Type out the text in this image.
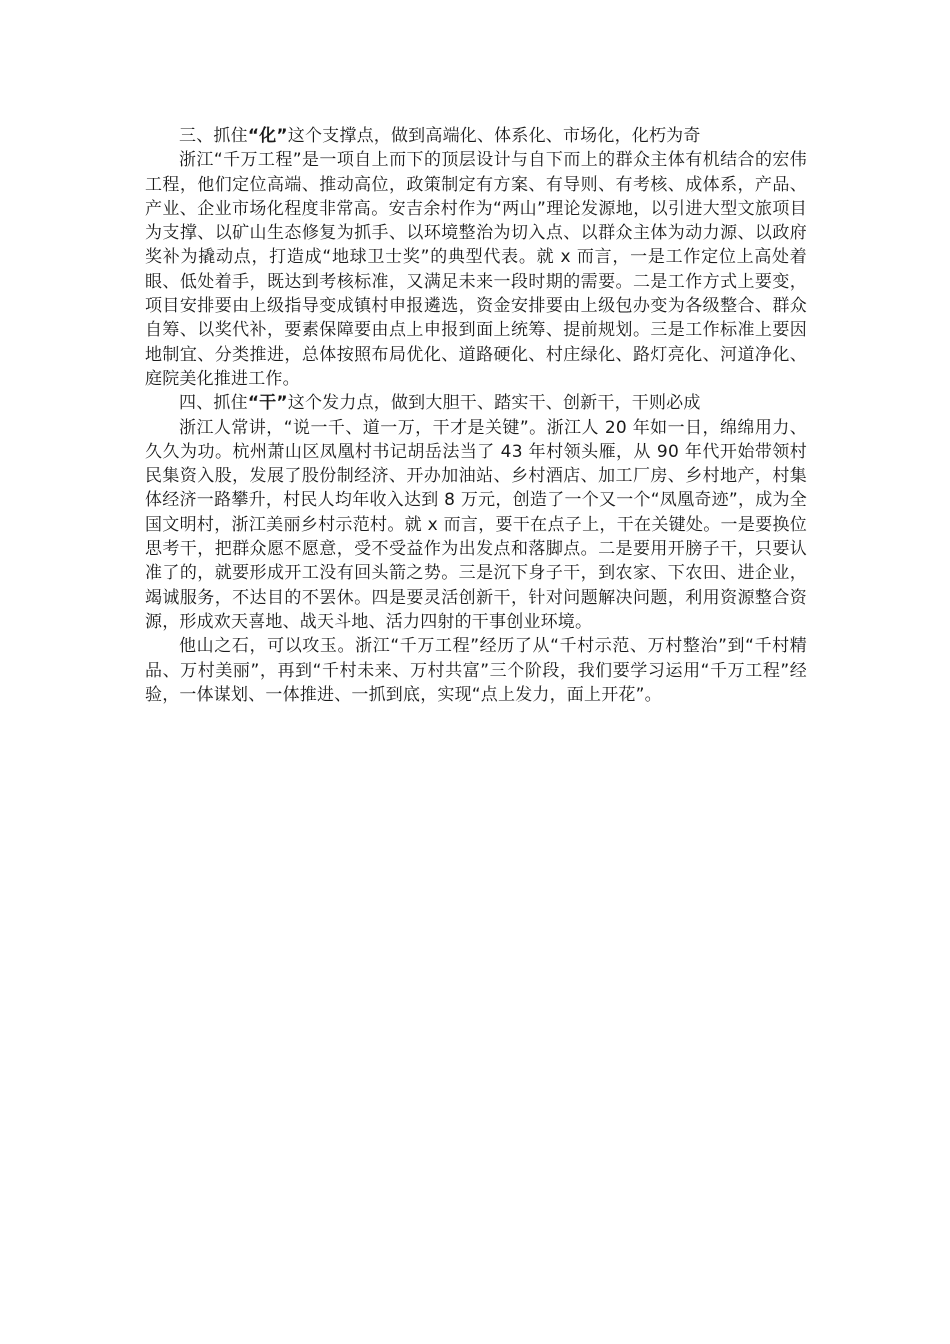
三、抓住“化”这个支撑点，做到高端化、体系化、市场化，化朽为奇

浙江“千万工程”是一项自上而下的顶层设计与自下而上的群众主体有机结合的宏伟工程，他们定位高端、推动高位，政策制定有方案、有导则、有考核、成体系，产品、产业、企业市场化程度非常高。安吉余村作为“两山”理论发源地，以引进大型文旅项目为支撑、以矿山生态修复为抓手、以环境整治为切入点、以群众主体为动力源、以政府奖补为撬动点，打造成“地球卫士奖”的典型代表。就 x 而言，一是工作定位上高处着眼、低处着手，既达到考核标准，又满足未来一段时期的需要。二是工作方式上要变，项目安排要由上级指导变成镇村申报遴选，资金安排要由上级包办变为各级整合、群众自筹、以奖代补，要素保障要由点上申报到面上统筹、提前规划。三是工作标准上要因地制宜、分类推进，总体按照布局优化、道路硬化、村庄绿化、路灯亮化、河道净化、庭院美化推进工作。

四、抓住“干”这个发力点，做到大胆干、踏实干、创新干，干则必成

浙江人常讲，“说一千、道一万，干才是关键”。浙江人 20 年如一日，绵绵用力、久久为功。杭州萧山区凤凰村书记胡岳法当了 43 年村领头雁，从 90 年代开始带领村民集资入股，发展了股份制经济、开办加油站、乡村酒店、加工厂房、乡村地产，村集体经济一路攀升，村民人均年收入达到 8 万元，创造了一个又一个“凤凰奇迹”，成为全国文明村，浙江美丽乡村示范村。就 x 而言，要干在点子上，干在关键处。一是要换位思考干，把群众愿不愿意，受不受益作为出发点和落脚点。二是要用开膀子干，只要认准了的，就要形成开工没有回头箭之势。三是沉下身子干，到农家、下农田、进企业，竭诚服务，不达目的不罢休。四是要灵活创新干，针对问题解决问题，利用资源整合资源，形成欢天喜地、战天斗地、活力四射的干事创业环境。

他山之石，可以攻玉。浙江“千万工程”经历了从“千村示范、万村整治”到“千村精品、万村美丽”，再到“千村未来、万村共富”三个阶段，我们要学习运用“千万工程”经验，一体谋划、一体推进、一抓到底，实现“点上发力，面上开花”。
